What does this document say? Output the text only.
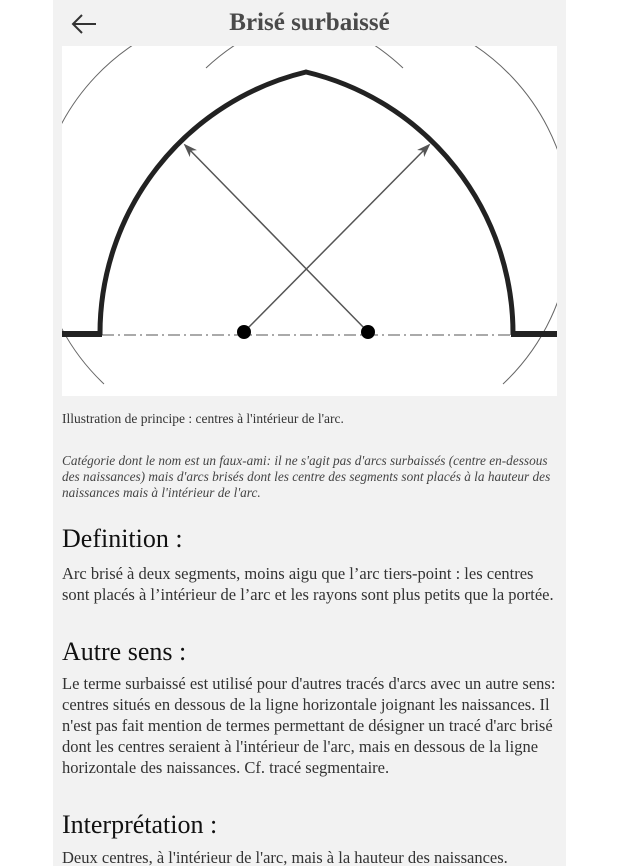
Brisé surbaissé
Illustration de principe : centres à l'intérieur de l'arc.
Catégorie dont le nom est un faux-ami: il ne s'agit pas d'arcs surbaissés (centre en-dessous des naissances) mais d'arcs brisés dont les centre des segments sont placés à la hauteur des naissances mais à l'intérieur de l'arc.
Definition :
Arc brisé à deux segments, moins aigu que l’arc tiers-point : les centres sont placés à l’intérieur de l’arc et les rayons sont plus petits que la portée.
Autre sens :
Le terme surbaissé est utilisé pour d'autres tracés d'arcs avec un autre sens: centres situés en dessous de la ligne horizontale joignant les naissances. Il n'est pas fait mention de termes permettant de désigner un tracé d'arc brisé dont les centres seraient à l'intérieur de l'arc, mais en dessous de la ligne horizontale des naissances. Cf. tracé segmentaire.
Interprétation :
Deux centres, à l'intérieur de l'arc, mais à la hauteur des naissances.
